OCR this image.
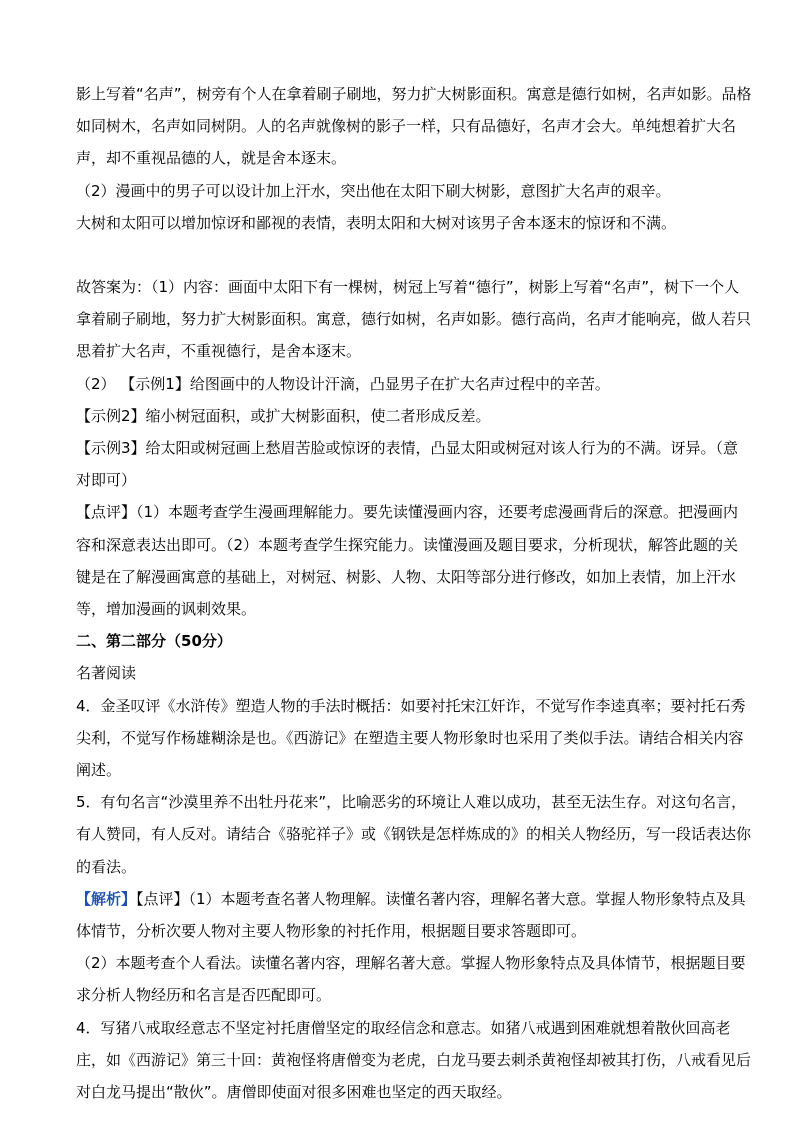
影上写着“名声”，树旁有个人在拿着刷子刷地，努力扩大树影面积。寓意是德行如树，名声如影。品格如同树木，名声如同树阴。人的名声就像树的影子一样，只有品德好，名声才会大。单纯想着扩大名声，却不重视品德的人，就是舍本逐末。

（2）漫画中的男子可以设计加上汗水，突出他在太阳下刷大树影，意图扩大名声的艰辛。

大树和太阳可以增加惊讶和鄙视的表情，表明太阳和大树对该男子舍本逐末的惊讶和不满。

故答案为：（1）内容：画面中太阳下有一棵树，树冠上写着“德行”，树影上写着“名声”，树下一个人拿着刷子刷地，努力扩大树影面积。寓意，德行如树，名声如影。德行高尚，名声才能响亮，做人若只思着扩大名声，不重视德行，是舍本逐末。

（2） 【示例1】给图画中的人物设计汗滴，凸显男子在扩大名声过程中的辛苦。

【示例2】缩小树冠面积，或扩大树影面积，使二者形成反差。

【示例3】给太阳或树冠画上愁眉苦脸或惊讶的表情，凸显太阳或树冠对该人行为的不满。讶异。（意对即可）

【点评】（1）本题考查学生漫画理解能力。要先读懂漫画内容，还要考虑漫画背后的深意。把漫画内容和深意表达出即可。（2）本题考查学生探究能力。读懂漫画及题目要求，分析现状，解答此题的关键是在了解漫画寓意的基础上，对树冠、树影、人物、太阳等部分进行修改，如加上表情，加上汗水等，增加漫画的讽刺效果。

二、第二部分（50分）

名著阅读

4．金圣叹评《水浒传》塑造人物的手法时概括：如要衬托宋江奸诈，不觉写作李逵真率；要衬托石秀尖利，不觉写作杨雄糊涂是也。《西游记》在塑造主要人物形象时也采用了类似手法。请结合相关内容阐述。

5．有句名言“沙漠里养不出牡丹花来”，比喻恶劣的环境让人难以成功，甚至无法生存。对这句名言，有人赞同，有人反对。请结合《骆驼祥子》或《钢铁是怎样炼成的》的相关人物经历，写一段话表达你的看法。

【解析】【点评】（1）本题考查名著人物理解。读懂名著内容，理解名著大意。掌握人物形象特点及具体情节，分析次要人物对主要人物形象的衬托作用，根据题目要求答题即可。

（2）本题考查个人看法。读懂名著内容，理解名著大意。掌握人物形象特点及具体情节，根据题目要求分析人物经历和名言是否匹配即可。

4．写猪八戒取经意志不坚定衬托唐僧坚定的取经信念和意志。如猪八戒遇到困难就想着散伙回高老庄，如《西游记》第三十回：黄袍怪将唐僧变为老虎，白龙马要去刺杀黄袍怪却被其打伤，八戒看见后对白龙马提出“散伙”。唐僧即使面对很多困难也坚定的西天取经。
